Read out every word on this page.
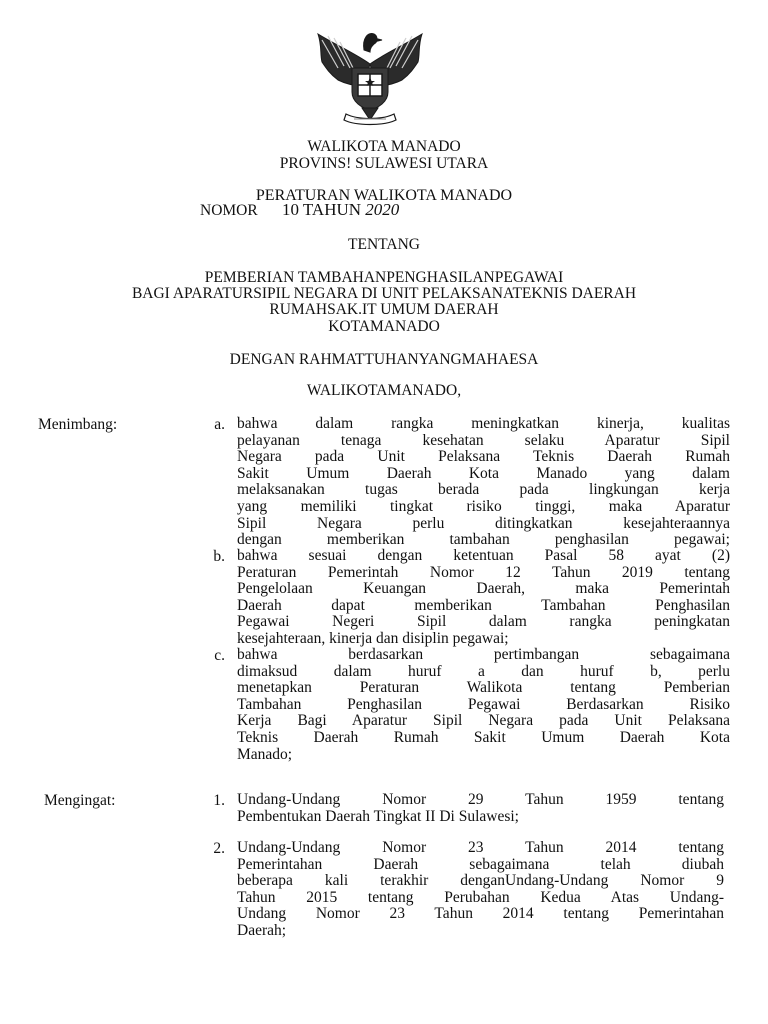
WALIKOTA MANADO
PROVINS! SULAWESI UTARA
PERATURAN WALIKOTA MANADO
NOMOR 10 TAHUN 2020
TENTANG
PEMBERIAN TAMBAHANPENGHASILANPEGAWAI
BAGI APARATURSIPIL NEGARA DI UNIT PELAKSANATEKNIS DAERAH
RUMAHSAK.IT UMUM DAERAH
KOTAMANADO
DENGAN RAHMATTUHANYANGMAHAESA
WALIKOTAMANADO,
Menimbang:	a. bahwa dalam rangka meningkatkan kinerja, kualitas
pelayanan tenaga kesehatan selaku Aparatur Sipil
Negara pada Unit Pelaksana Teknis Daerah Rumah
Sakit Umum Daerah Kota Manado yang dalam
melaksanakan tugas berada pada lingkungan kerja
yang memiliki tingkat risiko tinggi, maka Aparatur
Sipil Negara perlu ditingkatkan kesejahteraannya
dengan memberikan tambahan penghasilan pegawai;
b. bahwa sesuai dengan ketentuan Pasal 58 ayat (2)
Peraturan Pemerintah Nomor 12 Tahun 2019 tentang
Pengelolaan Keuangan Daerah, maka Pemerintah
Daerah dapat memberikan Tambahan Penghasilan
Pegawai Negeri Sipil dalam rangka peningkatan
kesejahteraan, kinerja dan disiplin pegawai;
c. bahwa berdasarkan pertimbangan sebagaimana
dimaksud dalam huruf a dan huruf b, perlu
menetapkan Peraturan Walikota tentang Pemberian
Tambahan Penghasilan Pegawai Berdasarkan Risiko
Kerja Bagi Aparatur Sipil Negara pada Unit Pelaksana
Teknis Daerah Rumah Sakit Umum Daerah Kota
Manado;
Mengingat:	1. Undang-Undang Nomor 29 Tahun 1959 tentang
Pembentukan Daerah Tingkat II Di Sulawesi;
2. Undang-Undang Nomor 23 Tahun 2014 tentang
Pemerintahan Daerah sebagaimana telah diubah
beberapa kali terakhir denganUndang-Undang Nomor 9
Tahun 2015 tentang Perubahan Kedua Atas Undang-
Undang Nomor 23 Tahun 2014 tentang Pemerintahan
Daerah;
